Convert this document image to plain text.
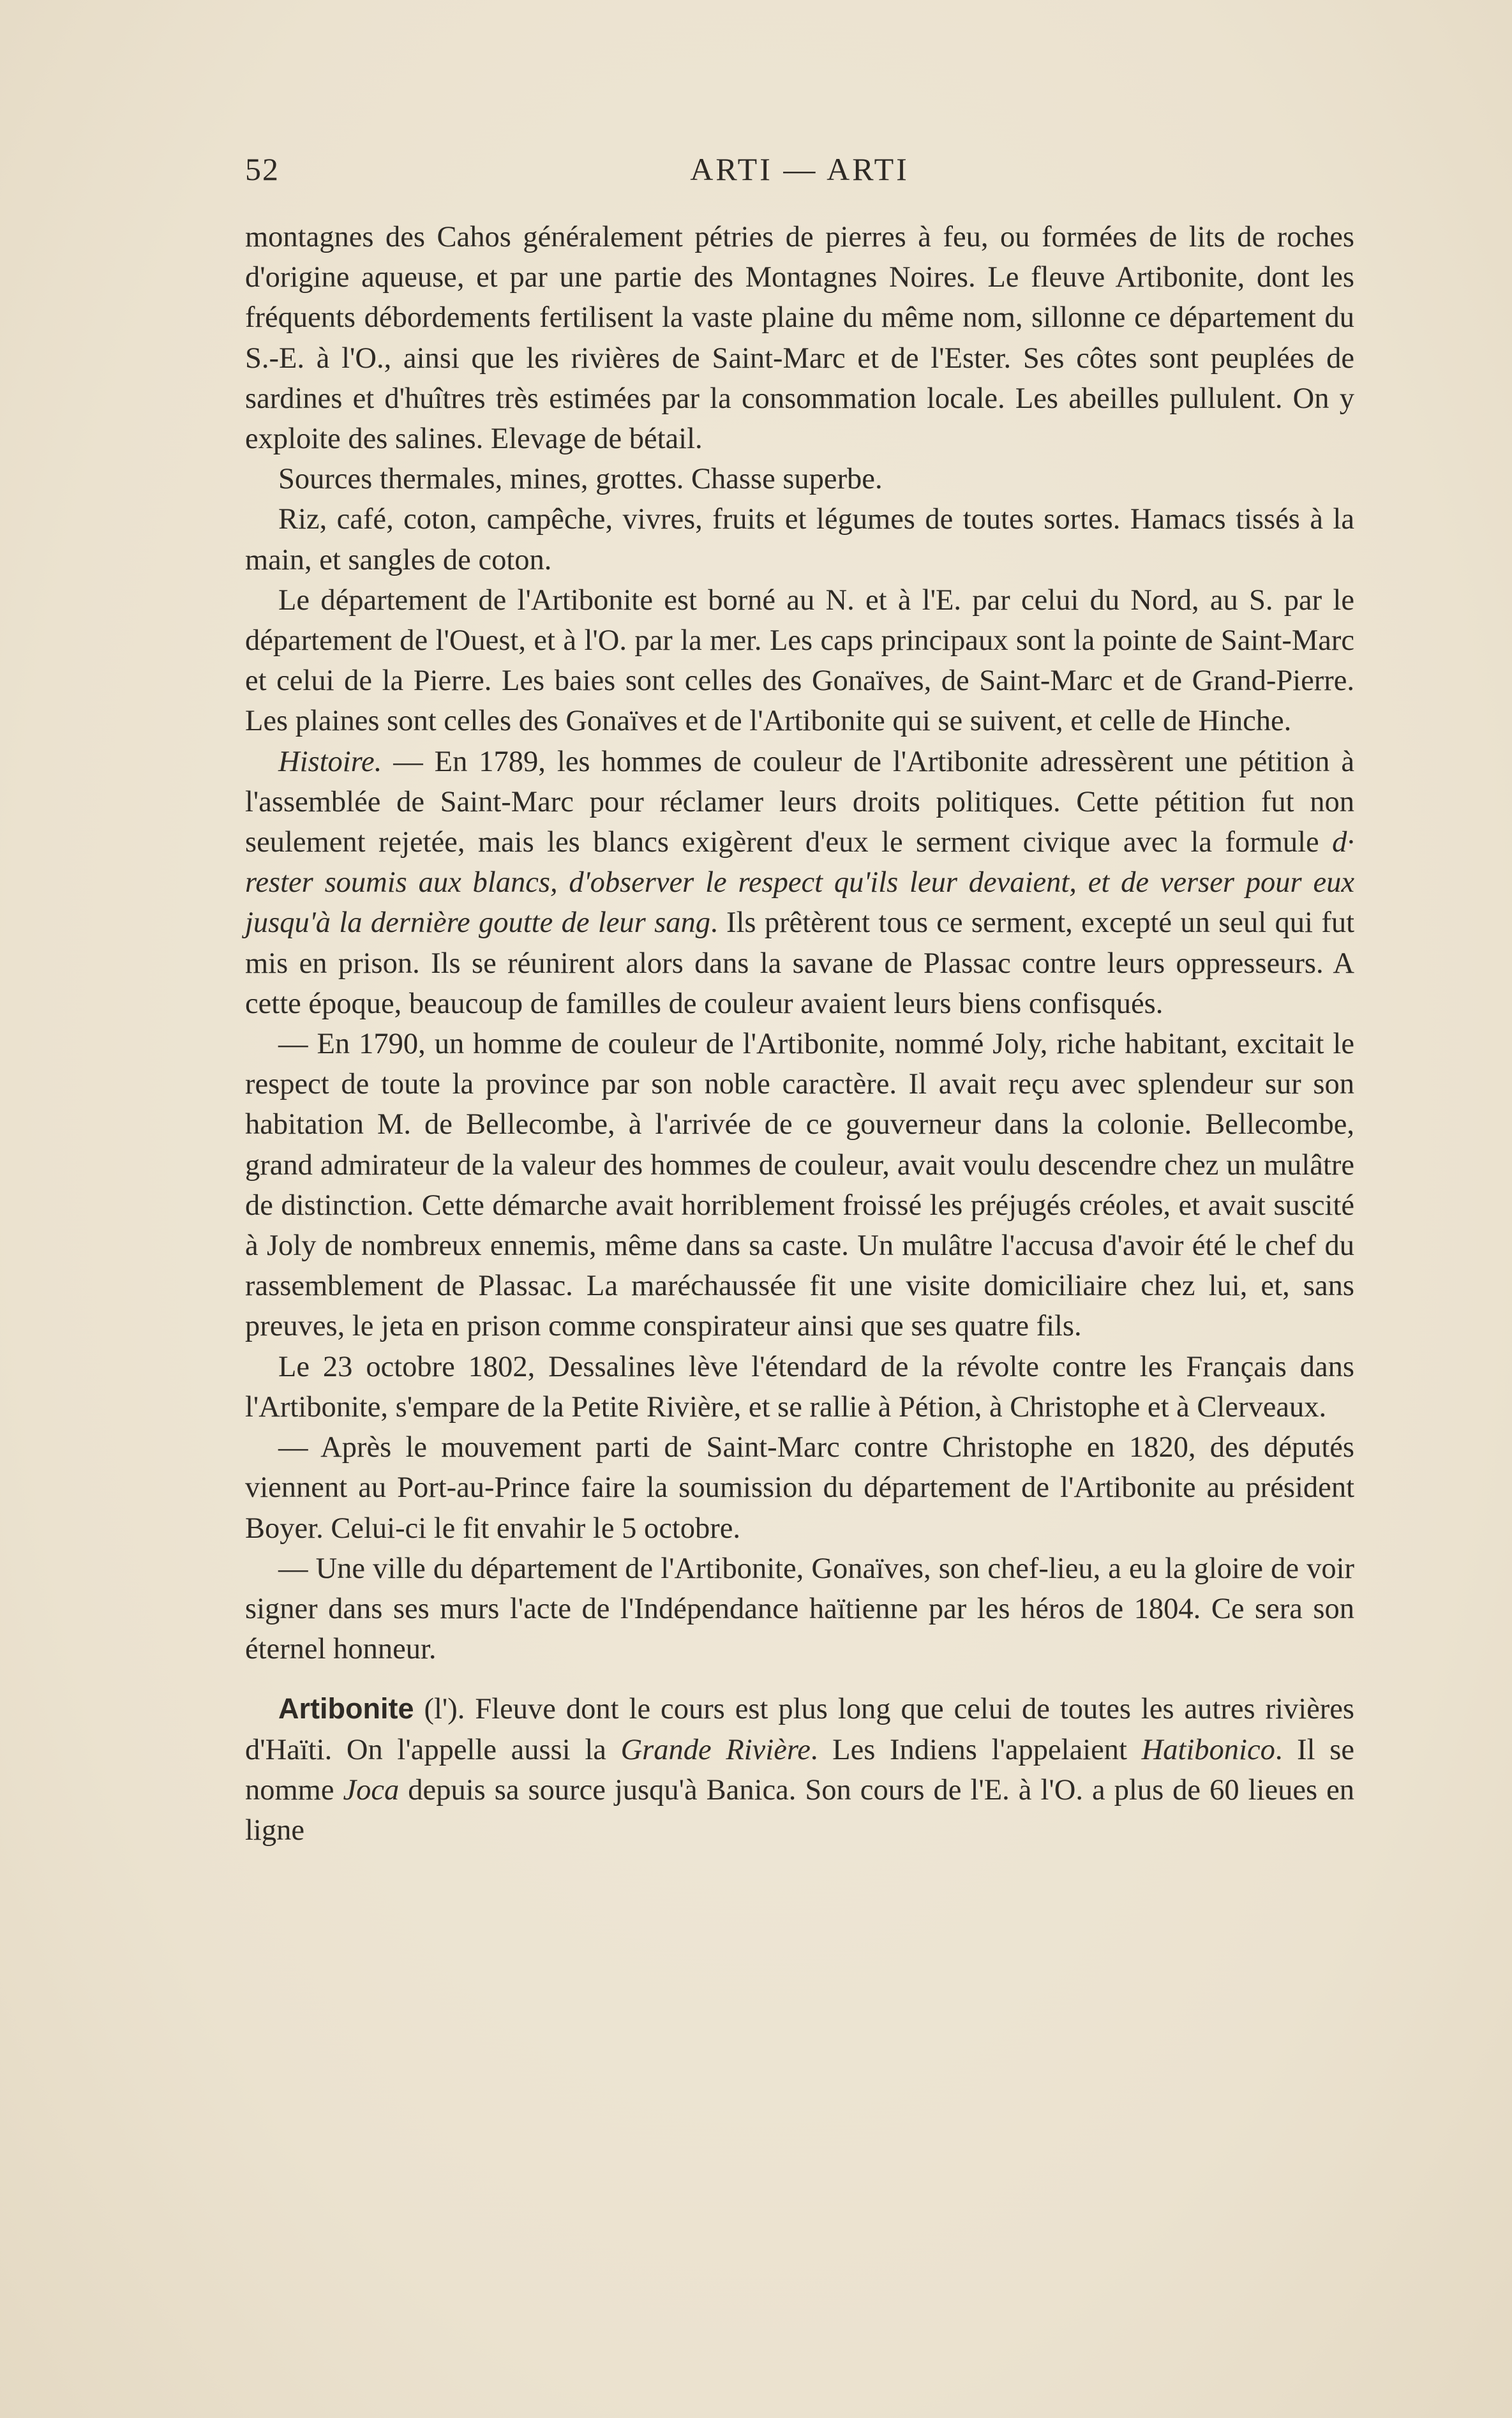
52	ARTI — ARTI

montagnes des Cahos généralement pétries de pierres à feu, ou formées de lits de roches d'origine aqueuse, et par une partie des Montagnes Noires. Le fleuve Artibonite, dont les fréquents débordements fertilisent la vaste plaine du même nom, sillonne ce département du S.-E. à l'O., ainsi que les rivières de Saint-Marc et de l'Ester. Ses côtes sont peuplées de sardines et d'huîtres très estimées par la consommation locale. Les abeilles pullulent. On y exploite des salines. Elevage de bétail.

Sources thermales, mines, grottes. Chasse superbe.

Riz, café, coton, campêche, vivres, fruits et légumes de toutes sortes. Hamacs tissés à la main, et sangles de coton.

Le département de l'Artibonite est borné au N. et à l'E. par celui du Nord, au S. par le département de l'Ouest, et à l'O. par la mer. Les caps principaux sont la pointe de Saint-Marc et celui de la Pierre. Les baies sont celles des Gonaïves, de Saint-Marc et de Grand-Pierre. Les plaines sont celles des Gonaïves et de l'Artibonite qui se suivent, et celle de Hinche.

Histoire. — En 1789, les hommes de couleur de l'Artibonite adressèrent une pétition à l'assemblée de Saint-Marc pour réclamer leurs droits politiques. Cette pétition fut non seulement rejetée, mais les blancs exigèrent d'eux le serment civique avec la formule d· rester soumis aux blancs, d'observer le respect qu'ils leur devaient, et de verser pour eux jusqu'à la dernière goutte de leur sang. Ils prêtèrent tous ce serment, excepté un seul qui fut mis en prison. Ils se réunirent alors dans la savane de Plassac contre leurs oppresseurs. A cette époque, beaucoup de familles de couleur avaient leurs biens confisqués.

— En 1790, un homme de couleur de l'Artibonite, nommé Joly, riche habitant, excitait le respect de toute la province par son noble caractère. Il avait reçu avec splendeur sur son habitation M. de Bellecombe, à l'arrivée de ce gouverneur dans la colonie. Bellecombe, grand admirateur de la valeur des hommes de couleur, avait voulu descendre chez un mulâtre de distinction. Cette démarche avait horriblement froissé les préjugés créoles, et avait suscité à Joly de nombreux ennemis, même dans sa caste. Un mulâtre l'accusa d'avoir été le chef du rassemblement de Plassac. La maréchaussée fit une visite domiciliaire chez lui, et, sans preuves, le jeta en prison comme conspirateur ainsi que ses quatre fils.

Le 23 octobre 1802, Dessalines lève l'étendard de la révolte contre les Français dans l'Artibonite, s'empare de la Petite Rivière, et se rallie à Pétion, à Christophe et à Clerveaux.

— Après le mouvement parti de Saint-Marc contre Christophe en 1820, des députés viennent au Port-au-Prince faire la soumission du département de l'Artibonite au président Boyer. Celui-ci le fit envahir le 5 octobre.

— Une ville du département de l'Artibonite, Gonaïves, son chef-lieu, a eu la gloire de voir signer dans ses murs l'acte de l'Indépendance haïtienne par les héros de 1804. Ce sera son éternel honneur.

Artibonite (l'). Fleuve dont le cours est plus long que celui de toutes les autres rivières d'Haïti. On l'appelle aussi la Grande Rivière. Les Indiens l'appelaient Hatibonico. Il se nomme Joca depuis sa source jusqu'à Banica. Son cours de l'E. à l'O. a plus de 60 lieues en ligne
